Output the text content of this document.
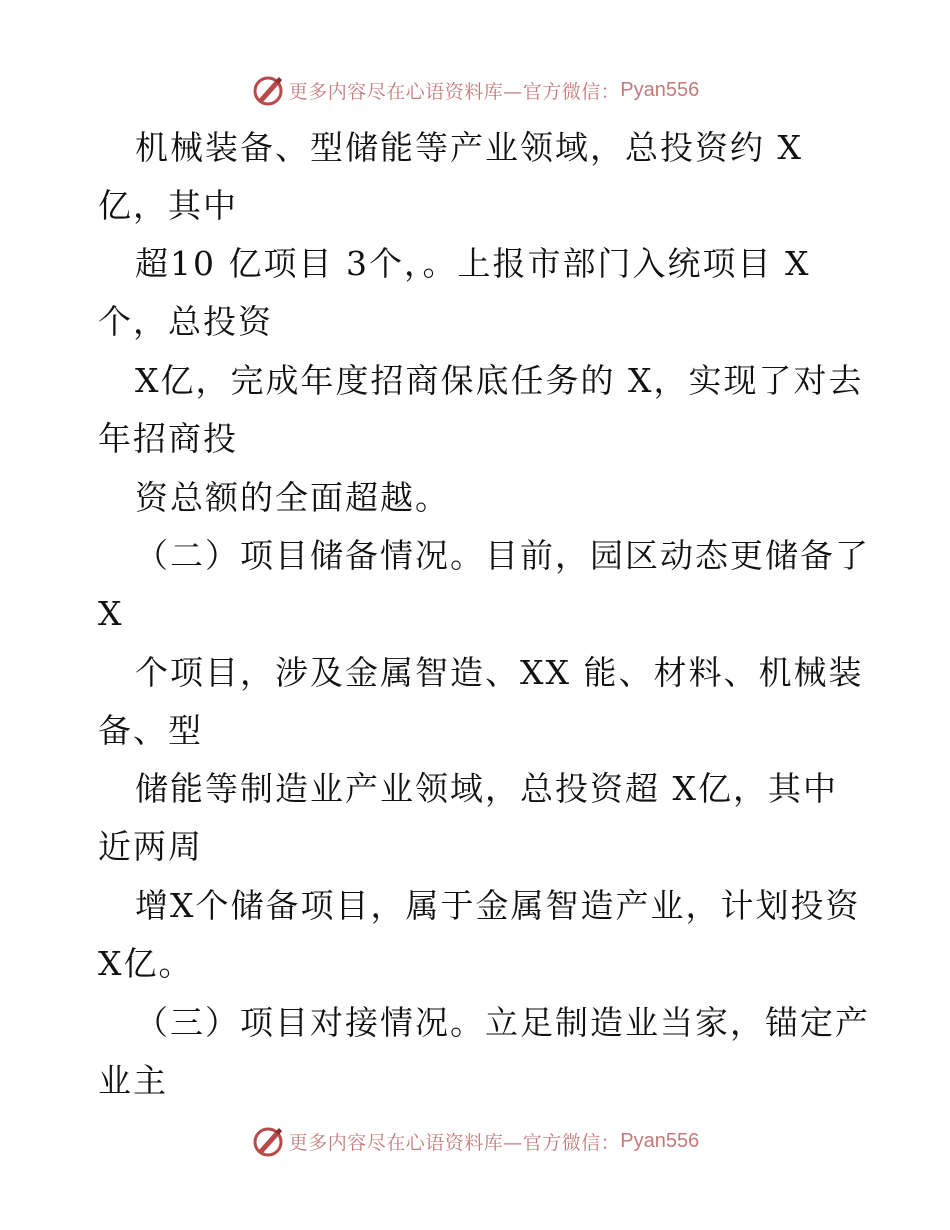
更多内容尽在心语资料库—官方微信： Pyan556
机械装备、型储能等产业领域，总投资约 X
亿，其中
超10 亿项目 3个，。上报市部门入统项目 X
个，总投资
X亿，完成年度招商保底任务的 X，实现了对去
年招商投
资总额的全面超越。
（二）项目储备情况。目前，园区动态更储备了
X
个项目，涉及金属智造、XX 能、材料、机械装
备、型
储能等制造业产业领域，总投资超 X亿，其中
近两周
增X个储备项目，属于金属智造产业，计划投资
X亿。
（三）项目对接情况。立足制造业当家，锚定产
业主
更多内容尽在心语资料库—官方微信： Pyan556
